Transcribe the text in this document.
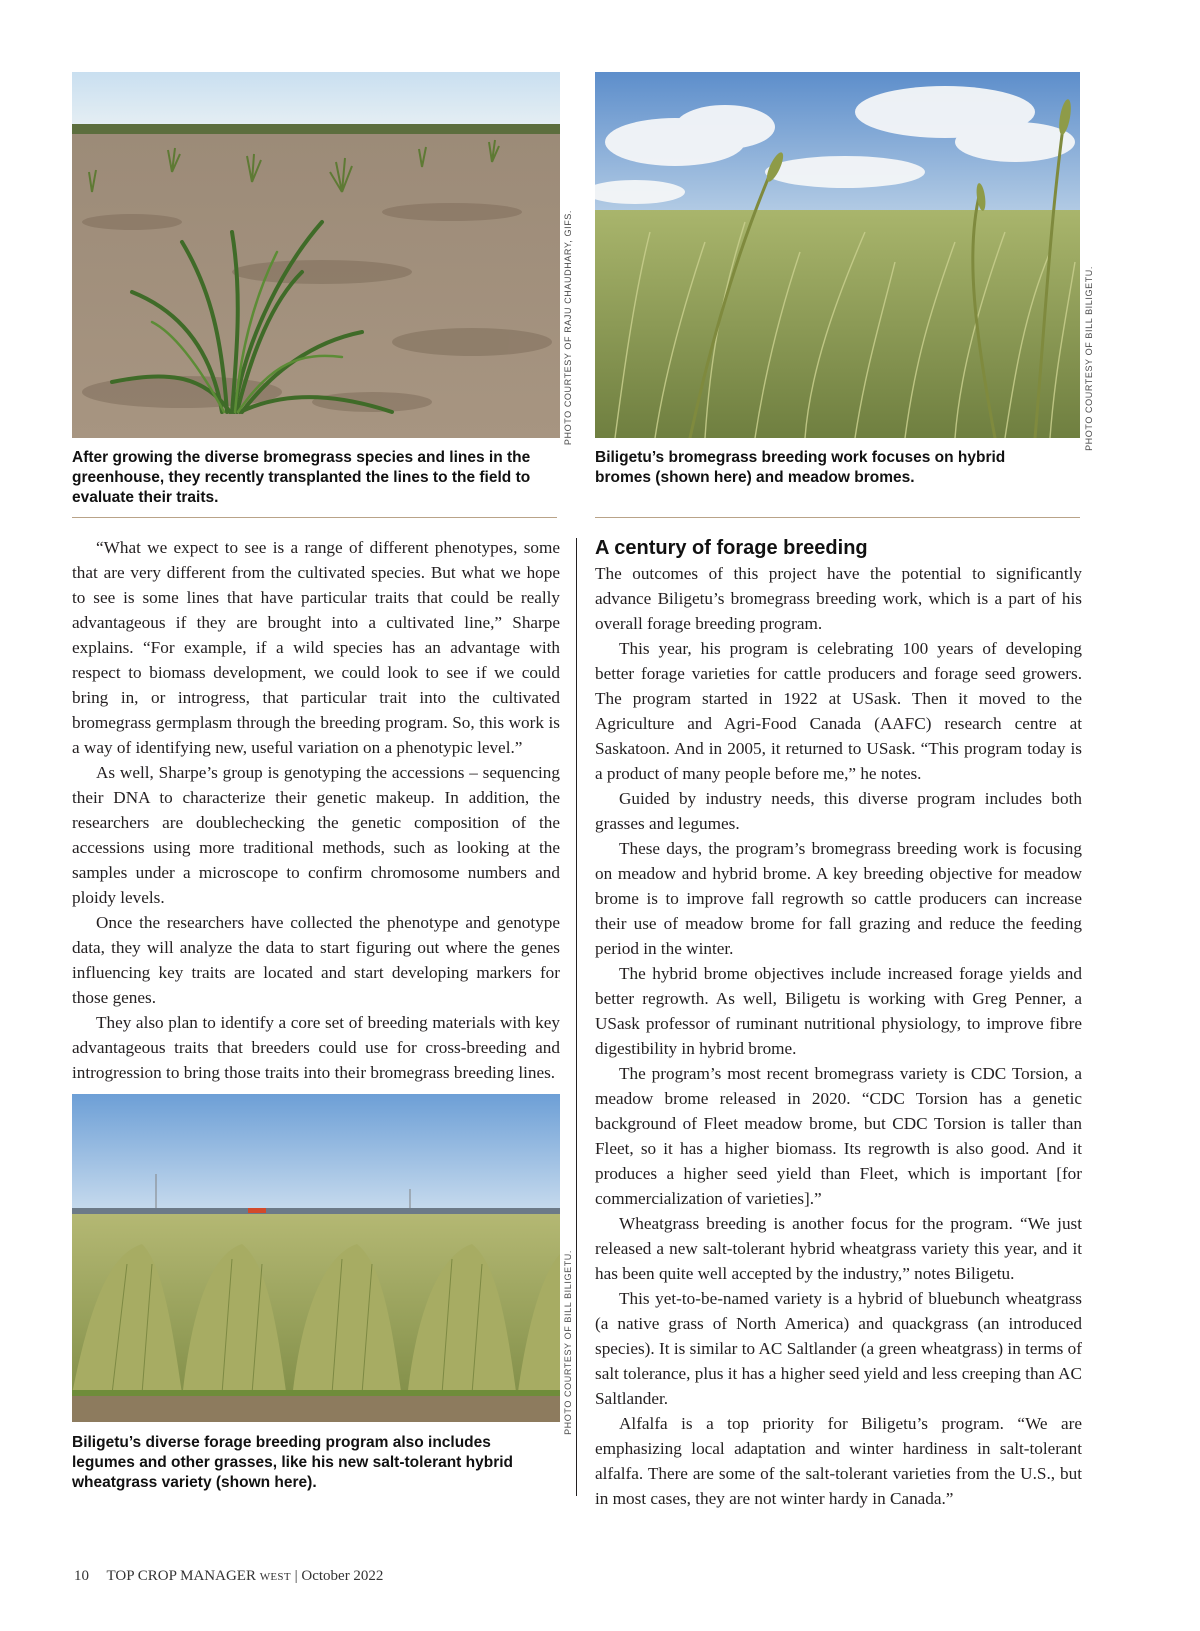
PHOTO COURTESY OF RAJU CHAUDHARY, GIFS.
After growing the diverse bromegrass species and lines in the greenhouse, they recently transplanted the lines to the field to evaluate their traits.
PHOTO COURTESY OF BILL BILIGETU.
Biligetu’s bromegrass breeding work focuses on hybrid bromes (shown here) and meadow bromes.

“What we expect to see is a range of different phenotypes, some that are very different from the cultivated species. But what we hope to see is some lines that have particular traits that could be really advantageous if they are brought into a cultivated line,” Sharpe explains. “For example, if a wild species has an advantage with respect to biomass development, we could look to see if we could bring in, or introgress, that particular trait into the cultivated bromegrass germplasm through the breeding program. So, this work is a way of identifying new, useful variation on a phenotypic level.”

As well, Sharpe’s group is genotyping the accessions – sequencing their DNA to characterize their genetic makeup. In addition, the researchers are doublechecking the genetic composition of the accessions using more traditional methods, such as looking at the samples under a microscope to confirm chromosome numbers and ploidy levels.

Once the researchers have collected the phenotype and genotype data, they will analyze the data to start figuring out where the genes influencing key traits are located and start developing markers for those genes.

They also plan to identify a core set of breeding materials with key advantageous traits that breeders could use for cross-breeding and introgression to bring those traits into their bromegrass breeding lines.

PHOTO COURTESY OF BILL BILIGETU.
Biligetu’s diverse forage breeding program also includes legumes and other grasses, like his new salt-tolerant hybrid wheatgrass variety (shown here).
A century of forage breeding

The outcomes of this project have the potential to significantly advance Biligetu’s bromegrass breeding work, which is a part of his overall forage breeding program.

This year, his program is celebrating 100 years of developing better forage varieties for cattle producers and forage seed growers. The program started in 1922 at USask. Then it moved to the Agriculture and Agri-Food Canada (AAFC) research centre at Saskatoon. And in 2005, it returned to USask. “This program today is a product of many people before me,” he notes.

Guided by industry needs, this diverse program includes both grasses and legumes.

These days, the program’s bromegrass breeding work is focusing on meadow and hybrid brome. A key breeding objective for meadow brome is to improve fall regrowth so cattle producers can increase their use of meadow brome for fall grazing and reduce the feeding period in the winter.

The hybrid brome objectives include increased forage yields and better regrowth. As well, Biligetu is working with Greg Penner, a USask professor of ruminant nutritional physiology, to improve fibre digestibility in hybrid brome.

The program’s most recent bromegrass variety is CDC Torsion, a meadow brome released in 2020. “CDC Torsion has a genetic background of Fleet meadow brome, but CDC Torsion is taller than Fleet, so it has a higher biomass. Its regrowth is also good. And it produces a higher seed yield than Fleet, which is important [for commercialization of varieties].”

Wheatgrass breeding is another focus for the program. “We just released a new salt-tolerant hybrid wheatgrass variety this year, and it has been quite well accepted by the industry,” notes Biligetu.

This yet-to-be-named variety is a hybrid of bluebunch wheatgrass (a native grass of North America) and quackgrass (an introduced species). It is similar to AC Saltlander (a green wheatgrass) in terms of salt tolerance, plus it has a higher seed yield and less creeping than AC Saltlander.

Alfalfa is a top priority for Biligetu’s program. “We are emphasizing local adaptation and winter hardiness in salt-tolerant alfalfa. There are some of the salt-tolerant varieties from the U.S., but in most cases, they are not winter hardy in Canada.”

10 TOP CROP MANAGER WEST | October 2022
